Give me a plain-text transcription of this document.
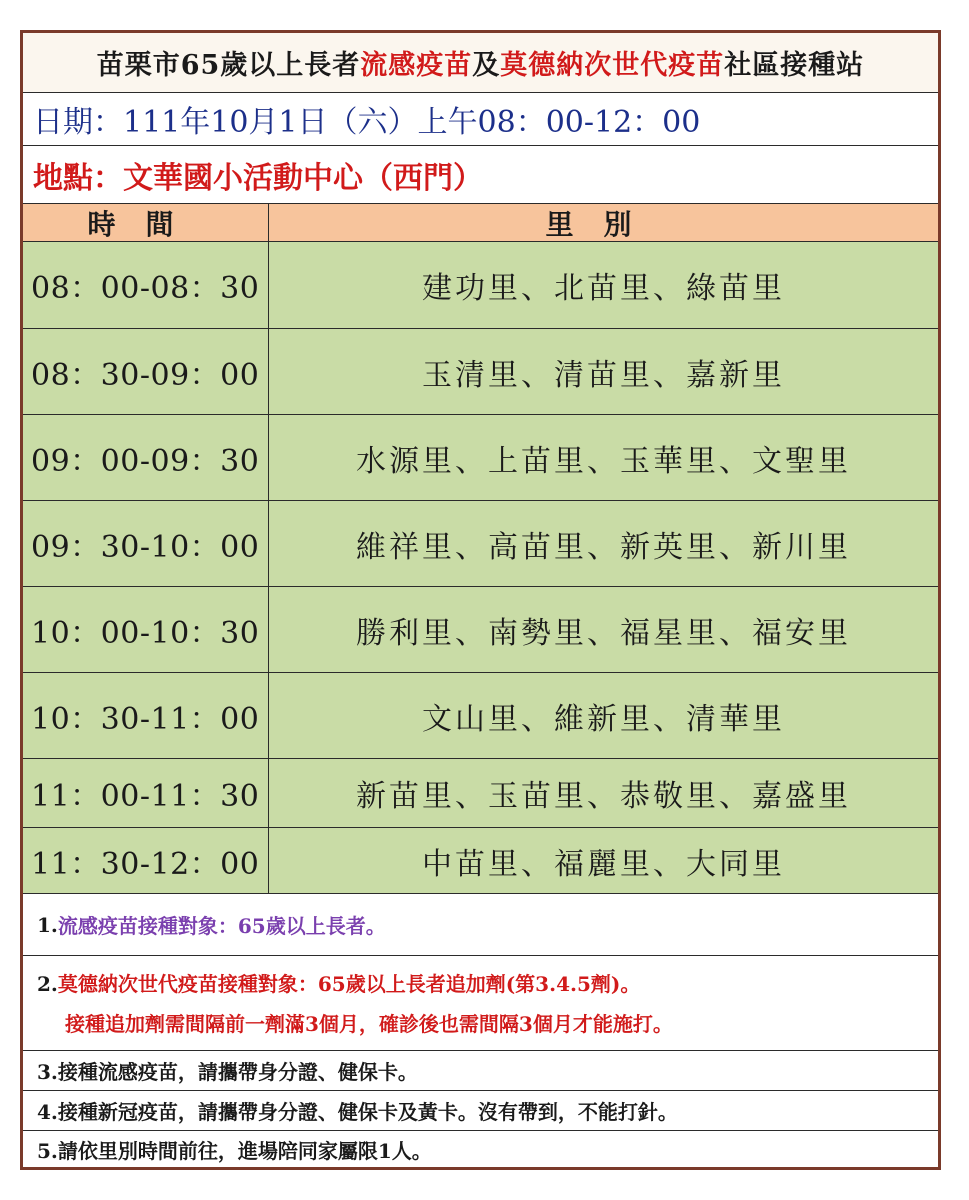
苗栗市65歲以上長者 流感疫苗 及 莫德納次世代疫苗 社區接種站
日期：111年10月1日（六）上午08：00-12：00
地點：文華國小活動中心（西門）
時間	里別
08：00-08：30	建功里、北苗里、綠苗里
08：30-09：00	玉清里、清苗里、嘉新里
09：00-09：30	水源里、上苗里、玉華里、文聖里
09：30-10：00	維祥里、高苗里、新英里、新川里
10：00-10：30	勝利里、南勢里、福星里、福安里
10：30-11：00	文山里、維新里、清華里
11：00-11：30	新苗里、玉苗里、恭敬里、嘉盛里
11：30-12：00	中苗里、福麗里、大同里
1. 流感疫苗接種對象：65歲以上長者。
2.莫德納次世代疫苗接種對象：65歲以上長者追加劑(第3.4.5劑)。
接種追加劑需間隔前一劑滿3個月，確診後也需間隔3個月才能施打。
3.接種流感疫苗，請攜帶身分證、健保卡。
4.接種新冠疫苗，請攜帶身分證、健保卡及黃卡。沒有帶到，不能打針。
5.請依里別時間前往，進場陪同家屬限1人。
